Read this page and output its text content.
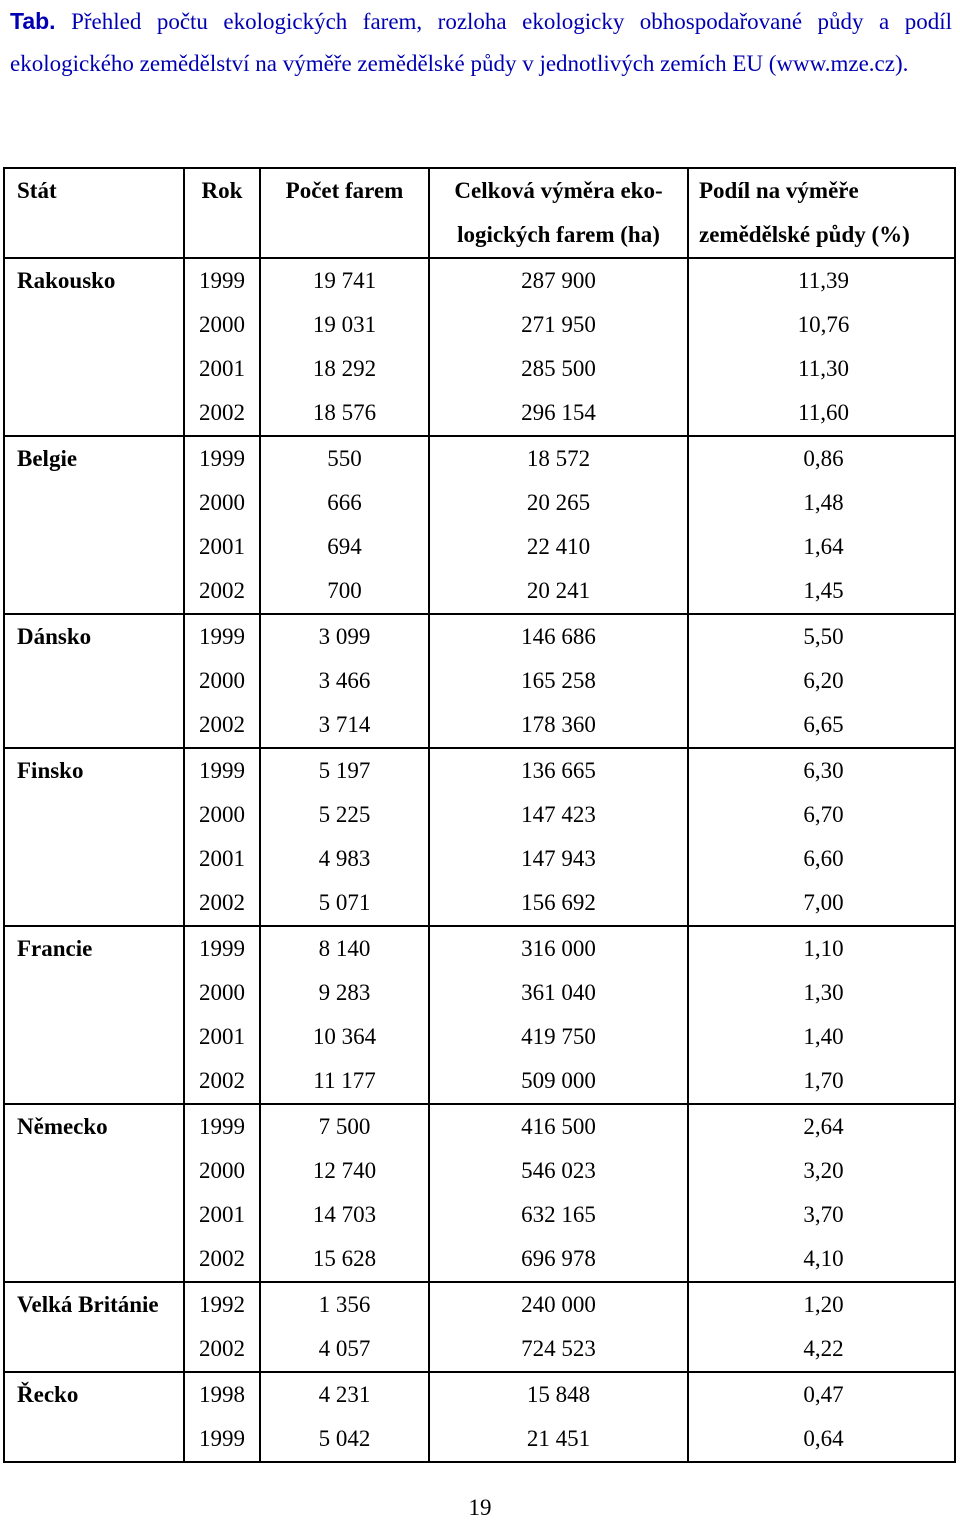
Tab. Přehled počtu ekologických farem, rozloha ekologicky obhospodařované půdy a podíl ekologického zemědělství na výměře zemědělské půdy v jednotlivých zemích EU (www.mze.cz).
Stát	Rok	Počet farem	Celková výměra eko-	Podíl na výměře
			logických farem (ha)	zemědělské půdy (%)
Rakousko	1999	19 741	287 900	11,39
	2000	19 031	271 950	10,76
	2001	18 292	285 500	11,30
	2002	18 576	296 154	11,60
Belgie	1999	550	18 572	0,86
	2000	666	20 265	1,48
	2001	694	22 410	1,64
	2002	700	20 241	1,45
Dánsko	1999	3 099	146 686	5,50
	2000	3 466	165 258	6,20
	2002	3 714	178 360	6,65
Finsko	1999	5 197	136 665	6,30
	2000	5 225	147 423	6,70
	2001	4 983	147 943	6,60
	2002	5 071	156 692	7,00
Francie	1999	8 140	316 000	1,10
	2000	9 283	361 040	1,30
	2001	10 364	419 750	1,40
	2002	11 177	509 000	1,70
Německo	1999	7 500	416 500	2,64
	2000	12 740	546 023	3,20
	2001	14 703	632 165	3,70
	2002	15 628	696 978	4,10
Velká Británie	1992	1 356	240 000	1,20
	2002	4 057	724 523	4,22
Řecko	1998	4 231	15 848	0,47
	1999	5 042	21 451	0,64
19
